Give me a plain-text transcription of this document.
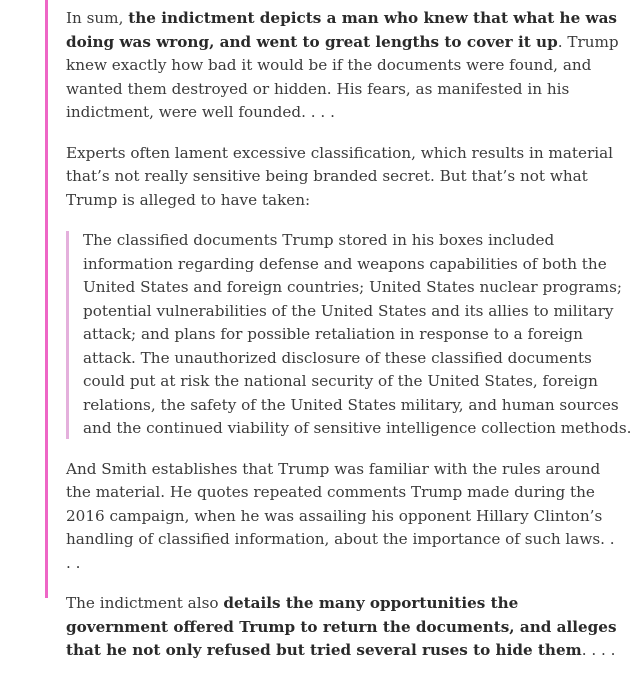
In sum, the indictment depicts a man who knew that what he was doing was wrong, and went to great lengths to cover it up. Trump knew exactly how bad it would be if the documents were found, and wanted them destroyed or hidden. His fears, as manifested in his indictment, were well founded. . . .

Experts often lament excessive classification, which results in material that’s not really sensitive being branded secret. But that’s not what Trump is alleged to have taken:

The classified documents Trump stored in his boxes included information regarding defense and weapons capabilities of both the United States and foreign countries; United States nuclear programs; potential vulnerabilities of the United States and its allies to military attack; and plans for possible retaliation in response to a foreign attack. The unauthorized disclosure of these classified documents could put at risk the national security of the United States, foreign relations, the safety of the United States military, and human sources and the continued viability of sensitive intelligence collection methods.

And Smith establishes that Trump was familiar with the rules around the material. He quotes repeated comments Trump made during the 2016 campaign, when he was assailing his opponent Hillary Clinton’s handling of classified information, about the importance of such laws. . . .

The indictment also details the many opportunities the government offered Trump to return the documents, and alleges that he not only refused but tried several ruses to hide them. . . .
